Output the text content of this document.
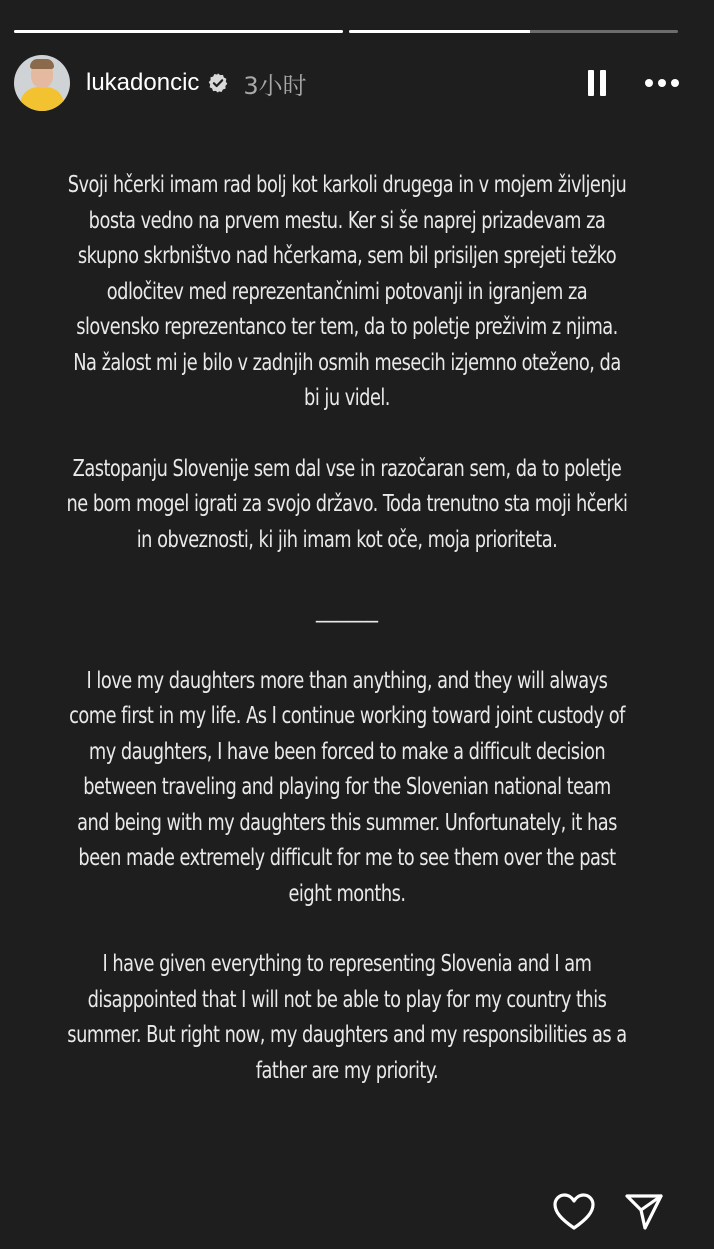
lukadoncic 3小时

Svoji hčerki imam rad bolj kot karkoli drugega in v mojem življenju bosta vedno na prvem mestu. Ker si še naprej prizadevam za skupno skrbništvo nad hčerkama, sem bil prisiljen sprejeti težko odločitev med reprezentančnimi potovanji in igranjem za slovensko reprezentanco ter tem, da to poletje preživim z njima. Na žalost mi je bilo v zadnjih osmih mesecih izjemno oteženo, da bi ju videl.

Zastopanju Slovenije sem dal vse in razočaran sem, da to poletje ne bom mogel igrati za svojo državo. Toda trenutno sta moji hčerki in obveznosti, ki jih imam kot oče, moja prioriteta.

______

I love my daughters more than anything, and they will always come first in my life. As I continue working toward joint custody of my daughters, I have been forced to make a difficult decision between traveling and playing for the Slovenian national team and being with my daughters this summer. Unfortunately, it has been made extremely difficult for me to see them over the past eight months.

I have given everything to representing Slovenia and I am disappointed that I will not be able to play for my country this summer. But right now, my daughters and my responsibilities as a father are my priority.
